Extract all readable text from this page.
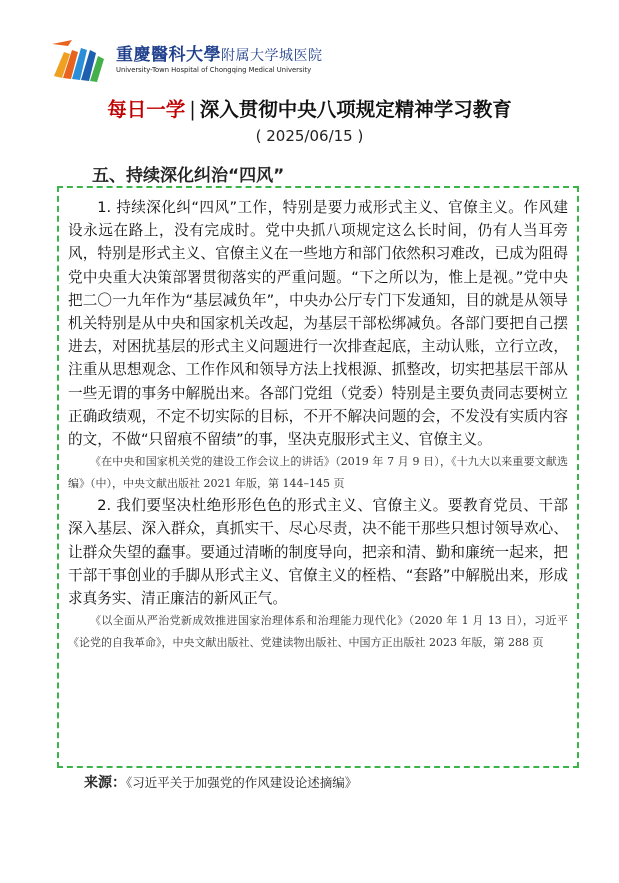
重慶醫科大學附属大学城医院
University-Town Hospital of Chongqing Medical University
每日一学 | 深入贯彻中央八项规定精神学习教育
( 2025/06/15 )
五、持续深化纠治“四风”

1. 持续深化纠“四风”工作，特别是要力戒形式主义、官僚主义。作风建设永远在路上，没有完成时。党中央抓八项规定这么长时间，仍有人当耳旁风，特别是形式主义、官僚主义在一些地方和部门依然积习难改，已成为阻碍党中央重大决策部署贯彻落实的严重问题。“下之所以为，惟上是视。”党中央把二〇一九年作为“基层减负年”，中央办公厅专门下发通知，目的就是从领导机关特别是从中央和国家机关改起，为基层干部松绑减负。各部门要把自己摆进去，对困扰基层的形式主义问题进行一次排查起底，主动认账，立行立改，注重从思想观念、工作作风和领导方法上找根源、抓整改，切实把基层干部从一些无谓的事务中解脱出来。各部门党组（党委）特别是主要负责同志要树立正确政绩观，不定不切实际的目标，不开不解决问题的会，不发没有实质内容的文，不做“只留痕不留绩”的事，坚决克服形式主义、官僚主义。

《在中央和国家机关党的建设工作会议上的讲话》（2019 年 7 月 9 日），《十九大以来重要文献选编》（中），中央文献出版社 2021 年版，第 144–145 页

2. 我们要坚决杜绝形形色色的形式主义、官僚主义。要教育党员、干部深入基层、深入群众，真抓实干、尽心尽责，决不能干那些只想讨领导欢心、让群众失望的蠢事。要通过清晰的制度导向，把亲和清、勤和廉统一起来，把干部干事创业的手脚从形式主义、官僚主义的桎梏、“套路”中解脱出来，形成求真务实、清正廉洁的新风正气。

《以全面从严治党新成效推进国家治理体系和治理能力现代化》（2020 年 1 月 13 日），习近平《论党的自我革命》，中央文献出版社、党建读物出版社、中国方正出版社 2023 年版，第 288 页

来源：《习近平关于加强党的作风建设论述摘编》
